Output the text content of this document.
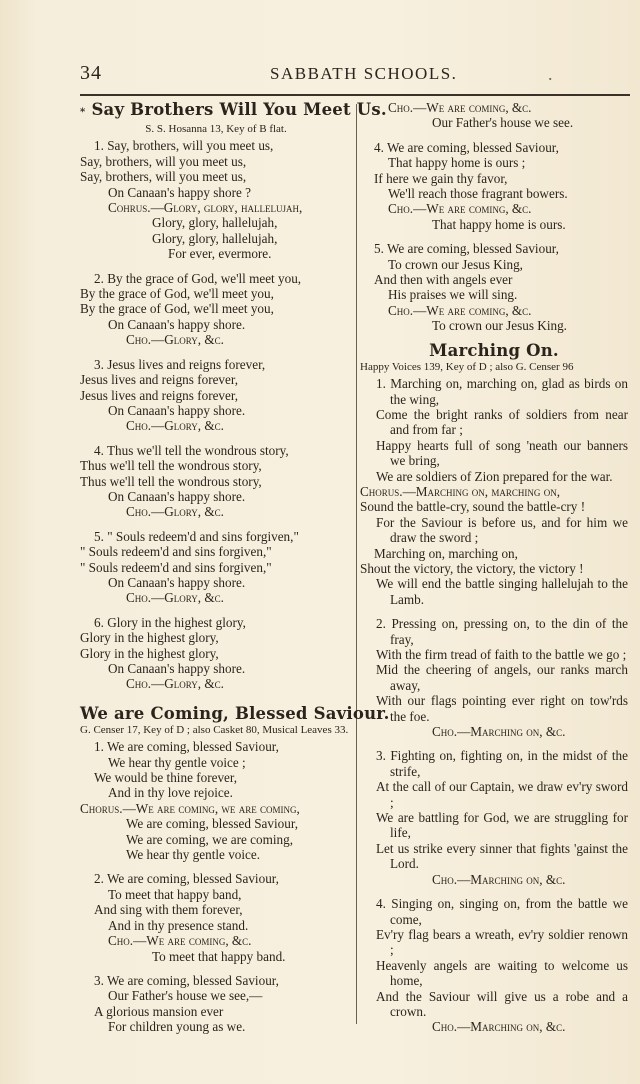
34	SABBATH SCHOOLS.	.
* Say Brothers Will You Meet Us.
S. S. Hosanna 13, Key of B flat.
1. Say, brothers, will you meet us,
Say, brothers, will you meet us,
Say, brothers, will you meet us,
On Canaan's happy shore ?
Cohrus.—Glory, glory, hallelujah,
Glory, glory, hallelujah,
Glory, glory, hallelujah,
For ever, evermore.
2. By the grace of God, we'll meet you,
By the grace of God, we'll meet you,
By the grace of God, we'll meet you,
On Canaan's happy shore.
Cho.—Glory, &c.
3. Jesus lives and reigns forever,
Jesus lives and reigns forever,
Jesus lives and reigns forever,
On Canaan's happy shore.
Cho.—Glory, &c.
4. Thus we'll tell the wondrous story,
Thus we'll tell the wondrous story,
Thus we'll tell the wondrous story,
On Canaan's happy shore.
Cho.—Glory, &c.
5. " Souls redeem'd and sins forgiven,"
" Souls redeem'd and sins forgiven,"
" Souls redeem'd and sins forgiven,"
On Canaan's happy shore.
Cho.—Glory, &c.
6. Glory in the highest glory,
Glory in the highest glory,
Glory in the highest glory,
On Canaan's happy shore.
Cho.—Glory, &c.
We are Coming, Blessed Saviour.
G. Censer 17, Key of D ; also Casket 80, Musical Leaves 33.
1. We are coming, blessed Saviour,
We hear thy gentle voice ;
We would be thine forever,
And in thy love rejoice.
Chorus.—We are coming, we are coming,
We are coming, blessed Saviour,
We are coming, we are coming,
We hear thy gentle voice.
2. We are coming, blessed Saviour,
To meet that happy band,
And sing with them forever,
And in thy presence stand.
Cho.—We are coming, &c.
To meet that happy band.
3. We are coming, blessed Saviour,
Our Father's house we see,—
A glorious mansion ever
For children young as we.
Cho.—We are coming, &c.
Our Father's house we see.
4. We are coming, blessed Saviour,
That happy home is ours ;
If here we gain thy favor,
We'll reach those fragrant bowers.
Cho.—We are coming, &c.
That happy home is ours.
5. We are coming, blessed Saviour,
To crown our Jesus King,
And then with angels ever
His praises we will sing.
Cho.—We are coming, &c.
To crown our Jesus King.
Marching On.
Happy Voices 139, Key of D ; also G. Censer 96
1. Marching on, marching on, glad as birds on the wing,
Come the bright ranks of soldiers from near and from far ;
Happy hearts full of song 'neath our banners we bring,
We are soldiers of Zion prepared for the war.
Chorus.—Marching on, marching on,
Sound the battle-cry, sound the battle-cry !
For the Saviour is before us, and for him we draw the sword ;
Marching on, marching on,
Shout the victory, the victory, the victory !
We will end the battle singing hallelujah to the Lamb.
2. Pressing on, pressing on, to the din of the fray,
With the firm tread of faith to the battle we go ;
Mid the cheering of angels, our ranks march away,
With our flags pointing ever right on tow'rds the foe.
Cho.—Marching on, &c.
3. Fighting on, fighting on, in the midst of the strife,
At the call of our Captain, we draw ev'ry sword ;
We are battling for God, we are struggling for life,
Let us strike every sinner that fights 'gainst the Lord.
Cho.—Marching on, &c.
4. Singing on, singing on, from the battle we come,
Ev'ry flag bears a wreath, ev'ry soldier renown ;
Heavenly angels are waiting to welcome us home,
And the Saviour will give us a robe and a crown.
Cho.—Marching on, &c.
